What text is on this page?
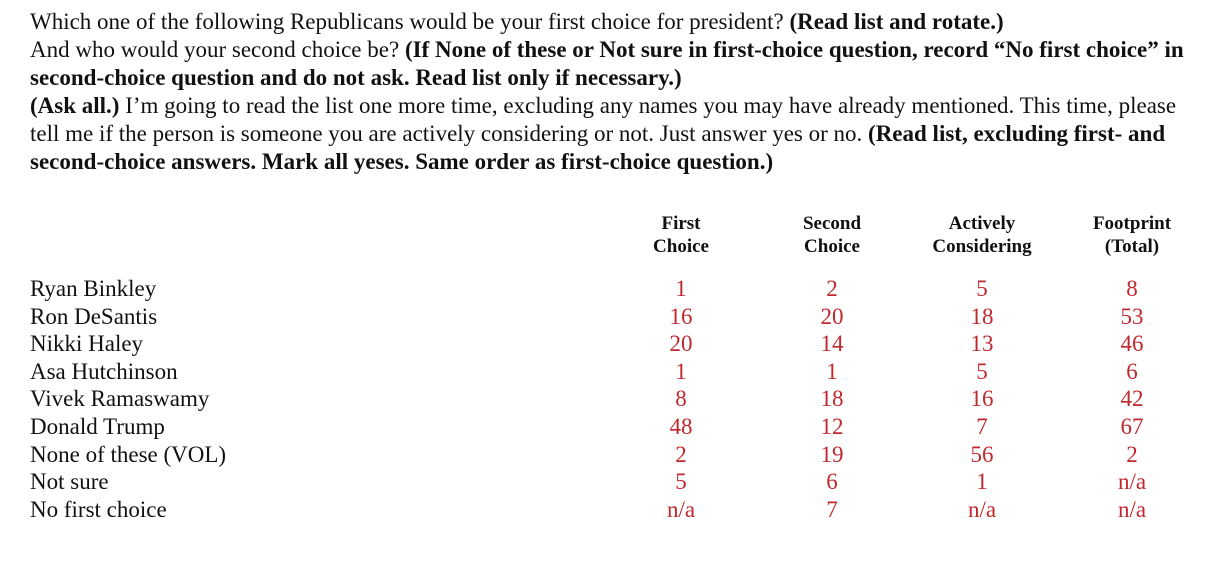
Which one of the following Republicans would be your first choice for president? (Read list and rotate.)

And who would your second choice be? (If None of these or Not sure in first-choice question, record “No first choice” in second-choice question and do not ask. Read list only if necessary.)

(Ask all.) I’m going to read the list one more time, excluding any names you may have already mentioned. This time, please tell me if the person is someone you are actively considering or not. Just answer yes or no. (Read list, excluding first- and second-choice answers. Mark all yeses. Same order as first-choice question.)

First
Choice
Second
Choice
Actively
Considering
Footprint
(Total)
Ryan Binkley	1	2	5	8
Ron DeSantis	16	20	18	53
Nikki Haley	20	14	13	46
Asa Hutchinson	1	1	5	6
Vivek Ramaswamy	8	18	16	42
Donald Trump	48	12	7	67
None of these (VOL)	2	19	56	2
Not sure	5	6	1	n/a
No first choice	n/a	7	n/a	n/a
